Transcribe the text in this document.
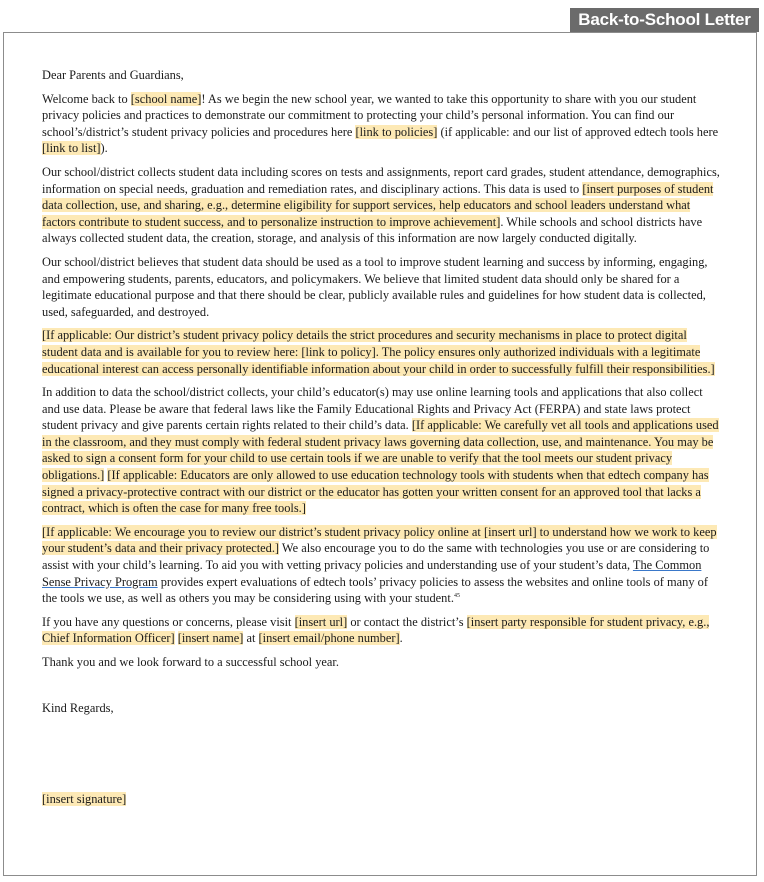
Back-to-School Letter

Dear Parents and Guardians,

Welcome back to [school name]! As we begin the new school year, we wanted to take this opportunity to share with you our student privacy policies and practices to demonstrate our commitment to protecting your child’s personal information. You can find our school’s/district’s student privacy policies and procedures here [link to policies] (if applicable: and our list of approved edtech tools here [link to list]).

Our school/district collects student data including scores on tests and assignments, report card grades, student attendance, demographics, information on special needs, graduation and remediation rates, and disciplinary actions. This data is used to [insert purposes of student data collection, use, and sharing, e.g., determine eligibility for support services, help educators and school leaders understand what factors contribute to student success, and to personalize instruction to improve achievement]. While schools and school districts have always collected student data, the creation, storage, and analysis of this information are now largely conducted digitally.

Our school/district believes that student data should be used as a tool to improve student learning and success by informing, engaging, and empowering students, parents, educators, and policymakers. We believe that limited student data should only be shared for a legitimate educational purpose and that there should be clear, publicly available rules and guidelines for how student data is collected, used, safeguarded, and destroyed.

[If applicable: Our district’s student privacy policy details the strict procedures and security mechanisms in place to protect digital student data and is available for you to review here: [link to policy]. The policy ensures only authorized individuals with a legitimate educational interest can access personally identifiable information about your child in order to successfully fulfill their responsibilities.]

In addition to data the school/district collects, your child’s educator(s) may use online learning tools and applications that also collect and use data. Please be aware that federal laws like the Family Educational Rights and Privacy Act (FERPA) and state laws protect student privacy and give parents certain rights related to their child’s data. [If applicable: We carefully vet all tools and applications used in the classroom, and they must comply with federal student privacy laws governing data collection, use, and maintenance. You may be asked to sign a consent form for your child to use certain tools if we are unable to verify that the tool meets our student privacy obligations.] [If applicable: Educators are only allowed to use education technology tools with students when that edtech company has signed a privacy-protective contract with our district or the educator has gotten your written consent for an approved tool that lacks a contract, which is often the case for many free tools.]

[If applicable: We encourage you to review our district’s student privacy policy online at [insert url] to understand how we work to keep your student’s data and their privacy protected.] We also encourage you to do the same with technologies you use or are considering to assist with your child’s learning. To aid you with vetting privacy policies and understanding use of your student’s data, The Common Sense Privacy Program provides expert evaluations of edtech tools’ privacy policies to assess the websites and online tools of many of the tools we use, as well as others you may be considering using with your student.$^{45}$

If you have any questions or concerns, please visit [insert url] or contact the district’s [insert party responsible for student privacy, e.g., Chief Information Officer] [insert name] at [insert email/phone number].

Thank you and we look forward to a successful school year.

Kind Regards,

[insert signature]
